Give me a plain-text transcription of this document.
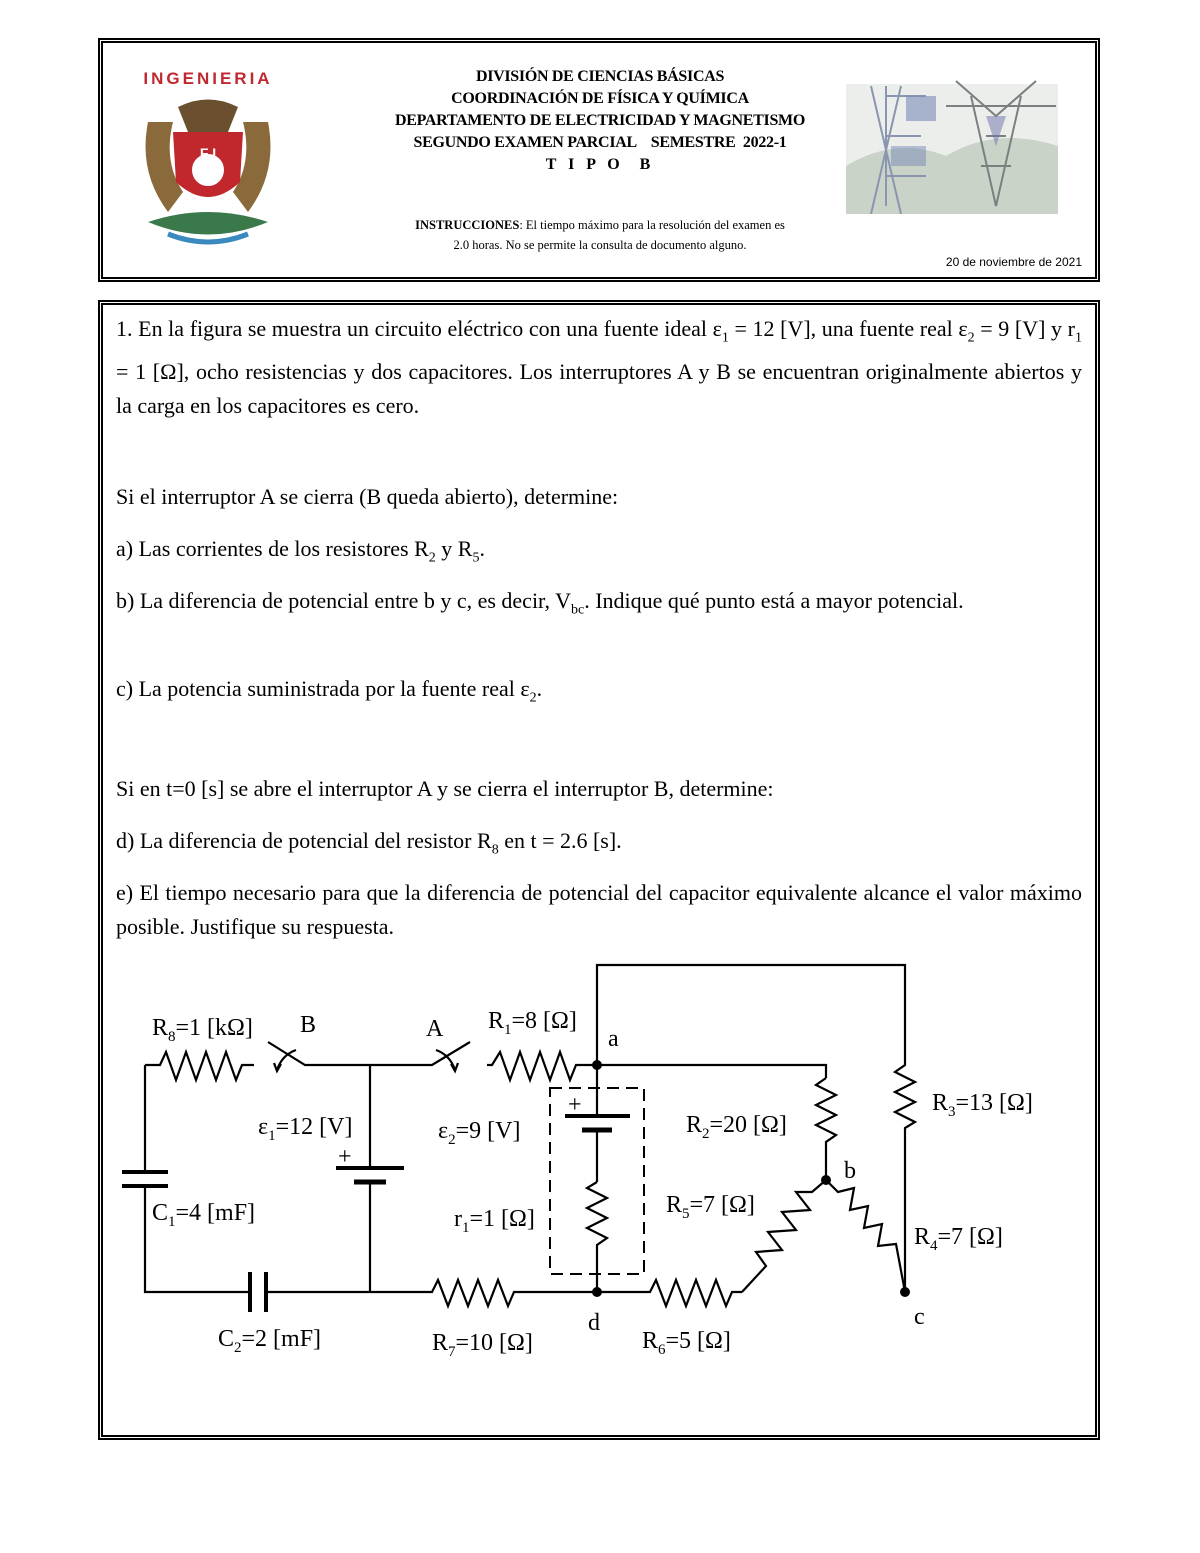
INGENIERIA
F I
DIVISIÓN DE CIENCIAS BÁSICAS
COORDINACIÓN DE FÍSICA Y QUÍMICA
DEPARTAMENTO DE ELECTRICIDAD Y MAGNETISMO
SEGUNDO EXAMEN PARCIAL    SEMESTRE  2022-1
T I P O  B
INSTRUCCIONES: El tiempo máximo para la resolución del examen es
2.0 horas. No se permite la consulta de documento alguno.
20 de noviembre de 2021
1. En la figura se muestra un circuito eléctrico con una fuente ideal $\varepsilon_1 = 12$ [V], una fuente real $\varepsilon_2 = 9$ [V] y $r_1 = 1$ [Ω], ocho resistencias y dos capacitores. Los interruptores A y B se encuentran originalmente abiertos y la carga en los capacitores es cero.
Si el interruptor A se cierra (B queda abierto), determine:
a) Las corrientes de los resistores $R_2$ y $R_5$.
b) La diferencia de potencial entre b y c, es decir, $V_{bc}$. Indique qué punto está a mayor potencial.
c) La potencia suministrada por la fuente real $\varepsilon_2$.
Si en t=0 [s] se abre el interruptor A y se cierra el interruptor B, determine:
d) La diferencia de potencial del resistor $R_8$ en t = 2.6 [s].
e) El tiempo necesario para que la diferencia de potencial del capacitor equivalente alcance el valor máximo posible. Justifique su respuesta.
$R_8=1$ [kΩ] B	A $R_1=8$ [Ω]
a
$\varepsilon_1=12$ [V]
+
$\varepsilon_2=9$ [V]
+
$R_2=20$ [Ω]
$R_3=13$ [Ω]
b
$R_5=7$ [Ω]
$R_4=7$ [Ω]
$r_1=1$ [Ω]
$C_1=4$ [mF]
$C_2=2$ [mF]	$R_7=10$ [Ω]
d
$R_6=5$ [Ω]
c
